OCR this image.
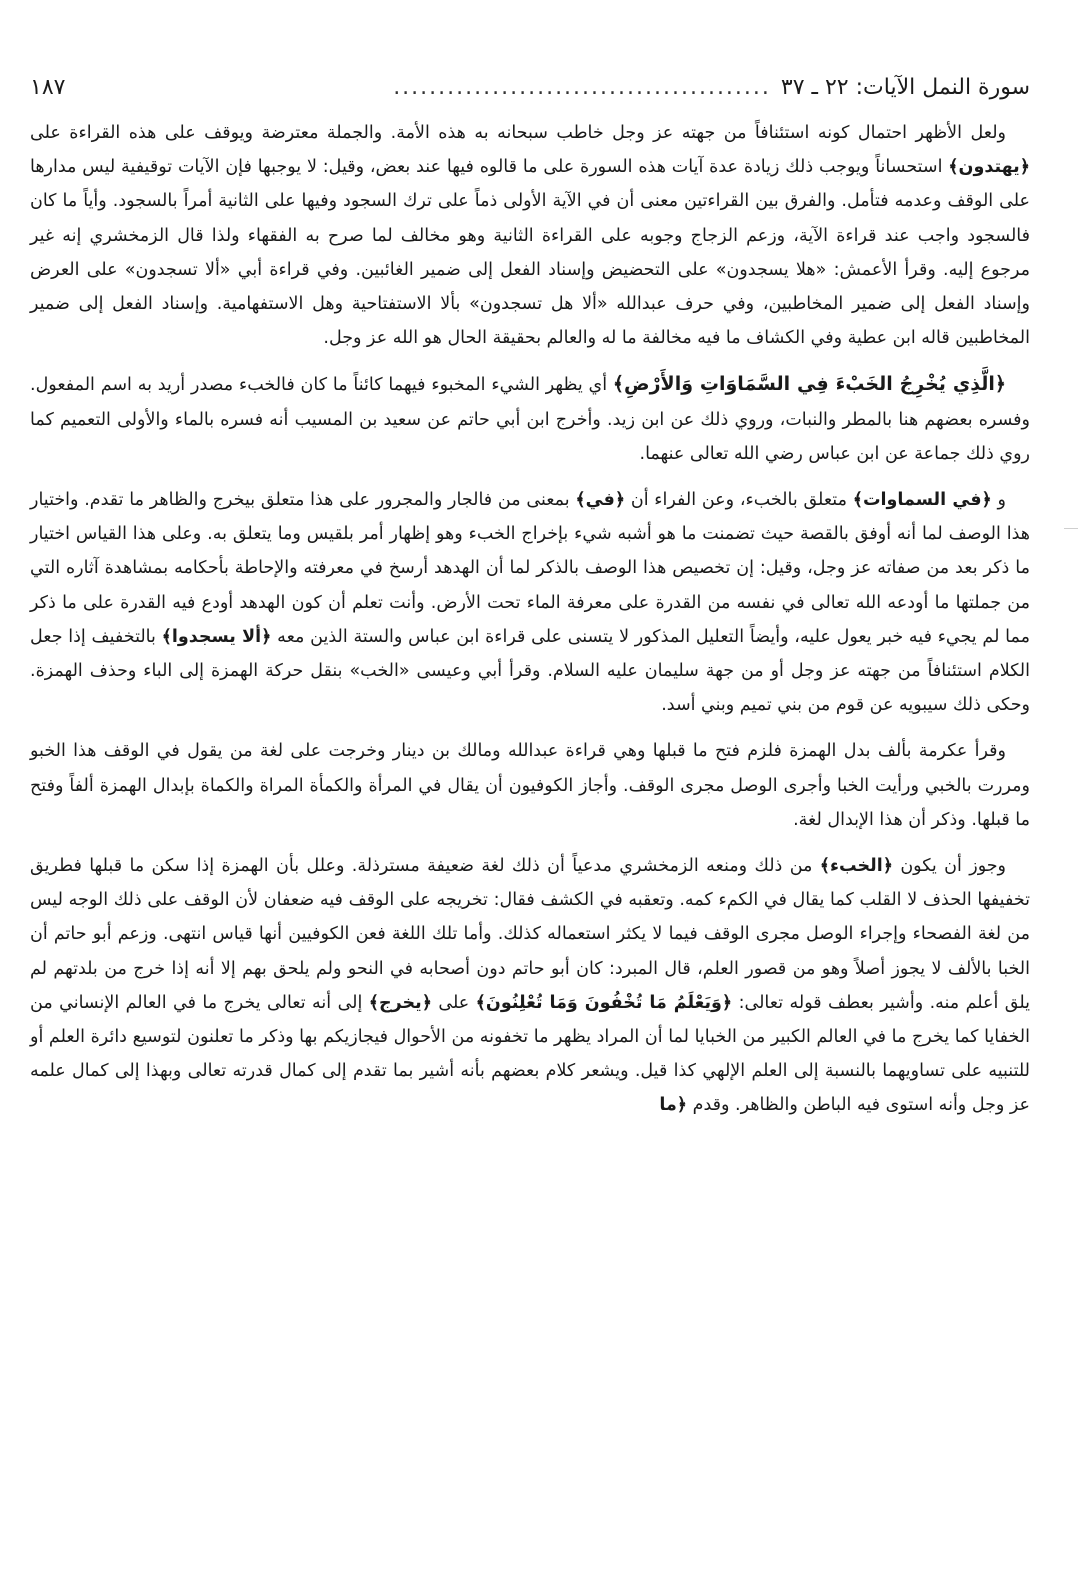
سورة النمل الآيات: ٢٢ ـ ٣٧
..........................................
١٨٧

ولعل الأظهر احتمال كونه استئنافاً من جهته عز وجل خاطب سبحانه به هذه الأمة. والجملة معترضة ويوقف على هذه القراءة على ﴿يهتدون﴾ استحساناً ويوجب ذلك زيادة عدة آيات هذه السورة على ما قالوه فيها عند بعض، وقيل: لا يوجبها فإن الآيات توقيفية ليس مدارها على الوقف وعدمه فتأمل. والفرق بين القراءتين معنى أن في الآية الأولى ذماً على ترك السجود وفيها على الثانية أمراً بالسجود. وأياً ما كان فالسجود واجب عند قراءة الآية، وزعم الزجاج وجوبه على القراءة الثانية وهو مخالف لما صرح به الفقهاء ولذا قال الزمخشري إنه غير مرجوع إليه. وقرأ الأعمش: «هلا يسجدون» على التحضيض وإسناد الفعل إلى ضمير الغائبين. وفي قراءة أبي «ألا تسجدون» على العرض وإسناد الفعل إلى ضمير المخاطبين، وفي حرف عبدالله «ألا هل تسجدون» بألا الاستفتاحية وهل الاستفهامية. وإسناد الفعل إلى ضمير المخاطبين قاله ابن عطية وفي الكشاف ما فيه مخالفة ما له والعالم بحقيقة الحال هو الله عز وجل.

﴿الَّذِي يُخْرِجُ الخَبْءَ فِي السَّمَاوَاتِ وَالأَرْضِ﴾ أي يظهر الشيء المخبوء فيهما كائناً ما كان فالخبء مصدر أريد به اسم المفعول. وفسره بعضهم هنا بالمطر والنبات، وروي ذلك عن ابن زيد. وأخرج ابن أبي حاتم عن سعيد بن المسيب أنه فسره بالماء والأولى التعميم كما روي ذلك جماعة عن ابن عباس رضي الله تعالى عنهما.

و ﴿في السماوات﴾ متعلق بالخبء، وعن الفراء أن ﴿في﴾ بمعنى من فالجار والمجرور على هذا متعلق بيخرج والظاهر ما تقدم. واختيار هذا الوصف لما أنه أوفق بالقصة حيث تضمنت ما هو أشبه شيء بإخراج الخبء وهو إظهار أمر بلقيس وما يتعلق به. وعلى هذا القياس اختيار ما ذكر بعد من صفاته عز وجل، وقيل: إن تخصيص هذا الوصف بالذكر لما أن الهدهد أرسخ في معرفته والإحاطة بأحكامه بمشاهدة آثاره التي من جملتها ما أودعه الله تعالى في نفسه من القدرة على معرفة الماء تحت الأرض. وأنت تعلم أن كون الهدهد أودع فيه القدرة على ما ذكر مما لم يجيء فيه خبر يعول عليه، وأيضاً التعليل المذكور لا يتسنى على قراءة ابن عباس والستة الذين معه ﴿ألا يسجدوا﴾ بالتخفيف إذا جعل الكلام استئنافاً من جهته عز وجل أو من جهة سليمان عليه السلام. وقرأ أبي وعيسى «الخب» بنقل حركة الهمزة إلى الباء وحذف الهمزة. وحكى ذلك سيبويه عن قوم من بني تميم وبني أسد.

وقرأ عكرمة بألف بدل الهمزة فلزم فتح ما قبلها وهي قراءة عبدالله ومالك بن دينار وخرجت على لغة من يقول في الوقف هذا الخبو ومررت بالخبي ورأيت الخبا وأجرى الوصل مجرى الوقف. وأجاز الكوفيون أن يقال في المرأة والكمأة المراة والكماة بإبدال الهمزة ألفاً وفتح ما قبلها. وذكر أن هذا الإبدال لغة.

وجوز أن يكون ﴿الخبء﴾ من ذلك ومنعه الزمخشري مدعياً أن ذلك لغة ضعيفة مسترذلة. وعلل بأن الهمزة إذا سكن ما قبلها فطريق تخفيفها الحذف لا القلب كما يقال في الكمء كمه. وتعقبه في الكشف فقال: تخريجه على الوقف فيه ضعفان لأن الوقف على ذلك الوجه ليس من لغة الفصحاء وإجراء الوصل مجرى الوقف فيما لا يكثر استعماله كذلك. وأما تلك اللغة فعن الكوفيين أنها قياس انتهى. وزعم أبو حاتم أن الخبا بالألف لا يجوز أصلاً وهو من قصور العلم، قال المبرد: كان أبو حاتم دون أصحابه في النحو ولم يلحق بهم إلا أنه إذا خرج من بلدتهم لم يلق أعلم منه. وأشير بعطف قوله تعالى: ﴿وَيَعْلَمُ مَا تُخْفُونَ وَمَا تُعْلِنُونَ﴾ على ﴿يخرج﴾ إلى أنه تعالى يخرج ما في العالم الإنساني من الخفايا كما يخرج ما في العالم الكبير من الخبايا لما أن المراد يظهر ما تخفونه من الأحوال فيجازيكم بها وذكر ما تعلنون لتوسيع دائرة العلم أو للتنبيه على تساويهما بالنسبة إلى العلم الإلهي كذا قيل. ويشعر كلام بعضهم بأنه أشير بما تقدم إلى كمال قدرته تعالى وبهذا إلى كمال علمه عز وجل وأنه استوى فيه الباطن والظاهر. وقدم ﴿ما
